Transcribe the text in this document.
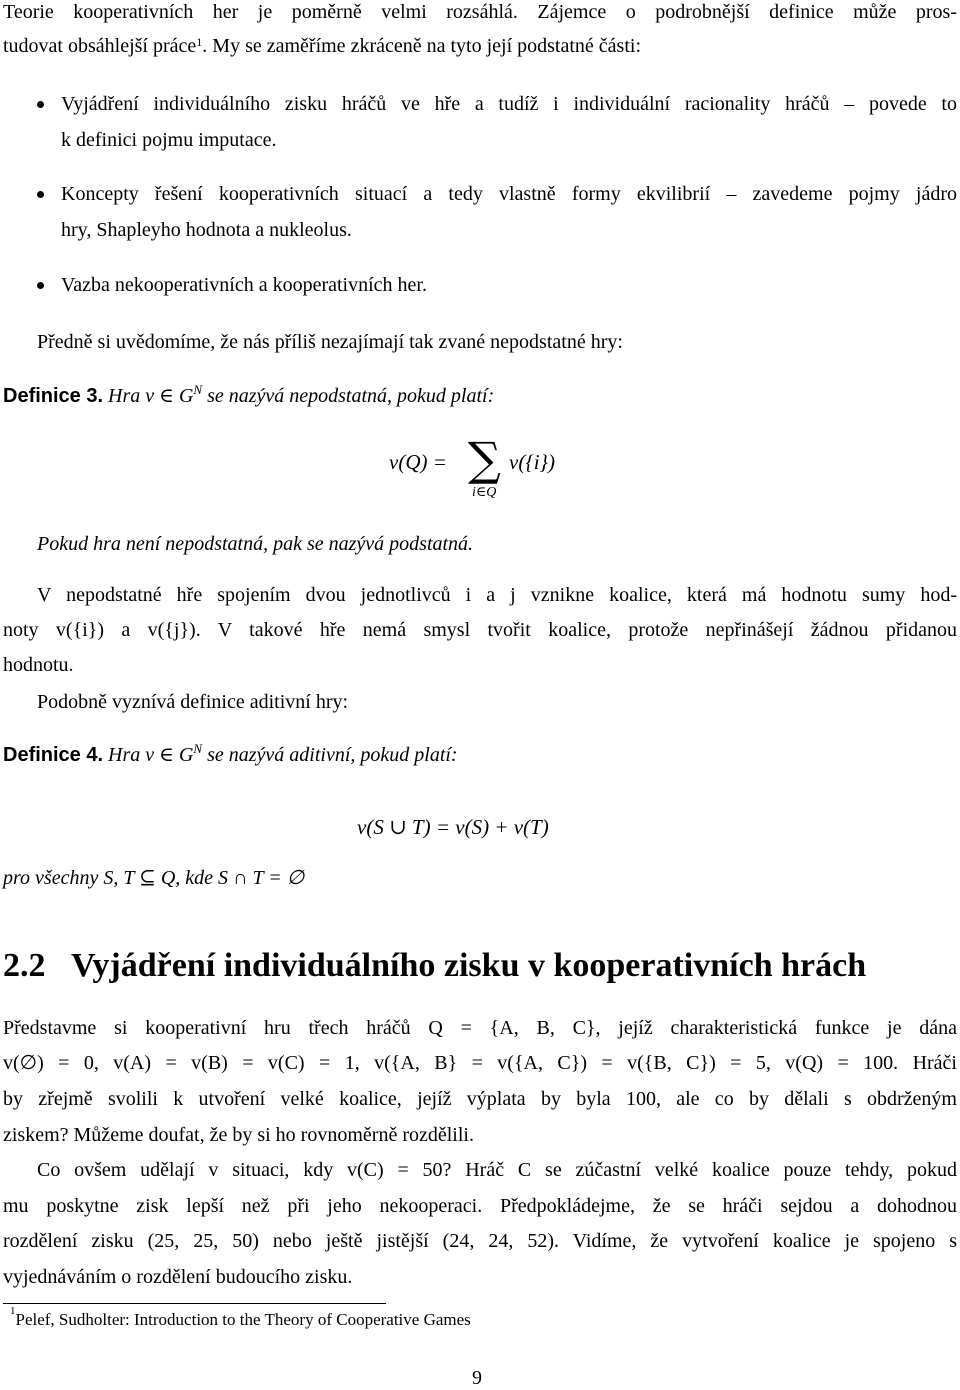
Teorie kooperativních her je poměrně velmi rozsáhlá. Zájemce o podrobnější definice může pros-
tudovat obsáhlejší práce$^1$. My se zaměříme zkráceně na tyto její podstatné části:
Vyjádření individuálního zisku hráčů ve hře a tudíž i individuální racionality hráčů – povede to
k definici pojmu imputace.
Koncepty řešení kooperativních situací a tedy vlastně formy ekvilibrií – zavedeme pojmy jádro
hry, Shapleyho hodnota a nukleolus.
Vazba nekooperativních a kooperativních her.
Předně si uvědomíme, že nás příliš nezajímají tak zvané nepodstatné hry:
Definice 3. Hra v ∈ $G^N$ se nazývá nepodstatná, pokud platí:
v(Q) = ∑
i∈Q
v({i})
Pokud hra není nepodstatná, pak se nazývá podstatná.
V nepodstatné hře spojením dvou jednotlivců i a j vznikne koalice, která má hodnotu sumy hod-
noty v({i}) a v({j}). V takové hře nemá smysl tvořit koalice, protože nepřinášejí žádnou přidanou
hodnotu.
Podobně vyznívá definice aditivní hry:
Definice 4. Hra v ∈ $G^N$ se nazývá aditivní, pokud platí:
v(S ∪ T) = v(S) + v(T)
pro všechny S, T ⊆ Q, kde S ∩ T = ∅
2.2 Vyjádření individuálního zisku v kooperativních hrách
Představme si kooperativní hru třech hráčů Q = {A, B, C}, jejíž charakteristická funkce je dána
v(∅) = 0, v(A) = v(B) = v(C) = 1, v({A, B} = v({A, C}) = v({B, C}) = 5, v(Q) = 100. Hráči
by zřejmě svolili k utvoření velké koalice, jejíž výplata by byla 100, ale co by dělali s obdrženým
ziskem? Můžeme doufat, že by si ho rovnoměrně rozdělili.
Co ovšem udělají v situaci, kdy v(C) = 50? Hráč C se zúčastní velké koalice pouze tehdy, pokud
mu poskytne zisk lepší než při jeho nekooperaci. Předpokládejme, že se hráči sejdou a dohodnou
rozdělení zisku (25, 25, 50) nebo ještě jistější (24, 24, 52). Vidíme, že vytvoření koalice je spojeno s
vyjednáváním o rozdělení budoucího zisku.
$^1$Pelef, Sudholter: Introduction to the Theory of Cooperative Games
9
